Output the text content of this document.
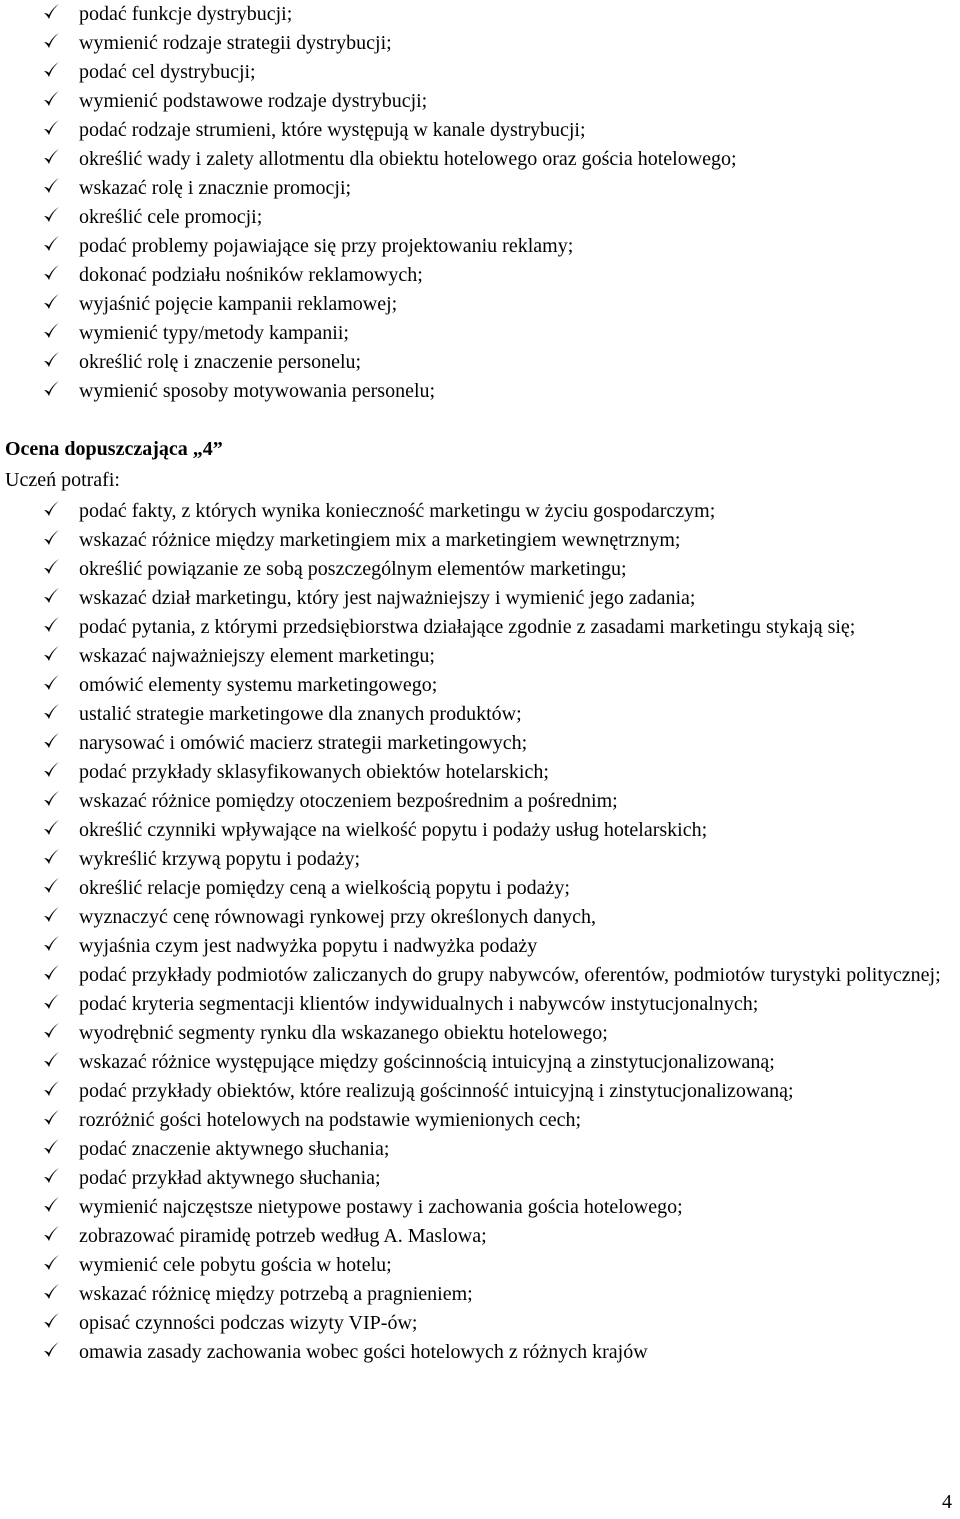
podać funkcje dystrybucji;
wymienić rodzaje strategii dystrybucji;
podać cel dystrybucji;
wymienić podstawowe rodzaje dystrybucji;
podać rodzaje strumieni, które występują w kanale dystrybucji;
określić wady i zalety allotmentu dla obiektu hotelowego oraz gościa hotelowego;
wskazać rolę i znacznie promocji;
określić cele promocji;
podać problemy pojawiające się przy projektowaniu reklamy;
dokonać podziału nośników reklamowych;
wyjaśnić pojęcie kampanii reklamowej;
wymienić typy/metody kampanii;
określić rolę i znaczenie personelu;
wymienić sposoby motywowania personelu;
Ocena dopuszczająca „4”
Uczeń potrafi:
podać fakty, z których wynika konieczność marketingu w życiu gospodarczym;
wskazać różnice między marketingiem mix a marketingiem wewnętrznym;
określić powiązanie ze sobą poszczególnym elementów marketingu;
wskazać dział marketingu, który jest najważniejszy i wymienić jego zadania;
podać pytania, z którymi przedsiębiorstwa działające zgodnie z zasadami marketingu stykają się;
wskazać najważniejszy element marketingu;
omówić elementy systemu marketingowego;
ustalić strategie marketingowe dla znanych produktów;
narysować i omówić macierz strategii marketingowych;
podać przykłady sklasyfikowanych obiektów hotelarskich;
wskazać różnice pomiędzy otoczeniem bezpośrednim a pośrednim;
określić czynniki wpływające na wielkość popytu i podaży usług hotelarskich;
wykreślić krzywą popytu i podaży;
określić relacje pomiędzy ceną a wielkością popytu i podaży;
wyznaczyć cenę równowagi rynkowej przy określonych danych,
wyjaśnia czym jest nadwyżka popytu i nadwyżka podaży
podać przykłady podmiotów zaliczanych do grupy nabywców, oferentów, podmiotów turystyki politycznej;
podać kryteria segmentacji klientów indywidualnych i nabywców instytucjonalnych;
wyodrębnić segmenty rynku dla wskazanego obiektu hotelowego;
wskazać różnice występujące między gościnnością intuicyjną a zinstytucjonalizowaną;
podać przykłady obiektów, które realizują gościnność intuicyjną i zinstytucjonalizowaną;
rozróżnić gości hotelowych na podstawie wymienionych cech;
podać znaczenie aktywnego słuchania;
podać przykład aktywnego słuchania;
wymienić najczęstsze nietypowe postawy i zachowania gościa hotelowego;
zobrazować piramidę potrzeb według A. Maslowa;
wymienić cele pobytu gościa w hotelu;
wskazać różnicę między potrzebą a pragnieniem;
opisać czynności podczas wizyty VIP-ów;
omawia zasady zachowania wobec gości hotelowych z różnych krajów
4
